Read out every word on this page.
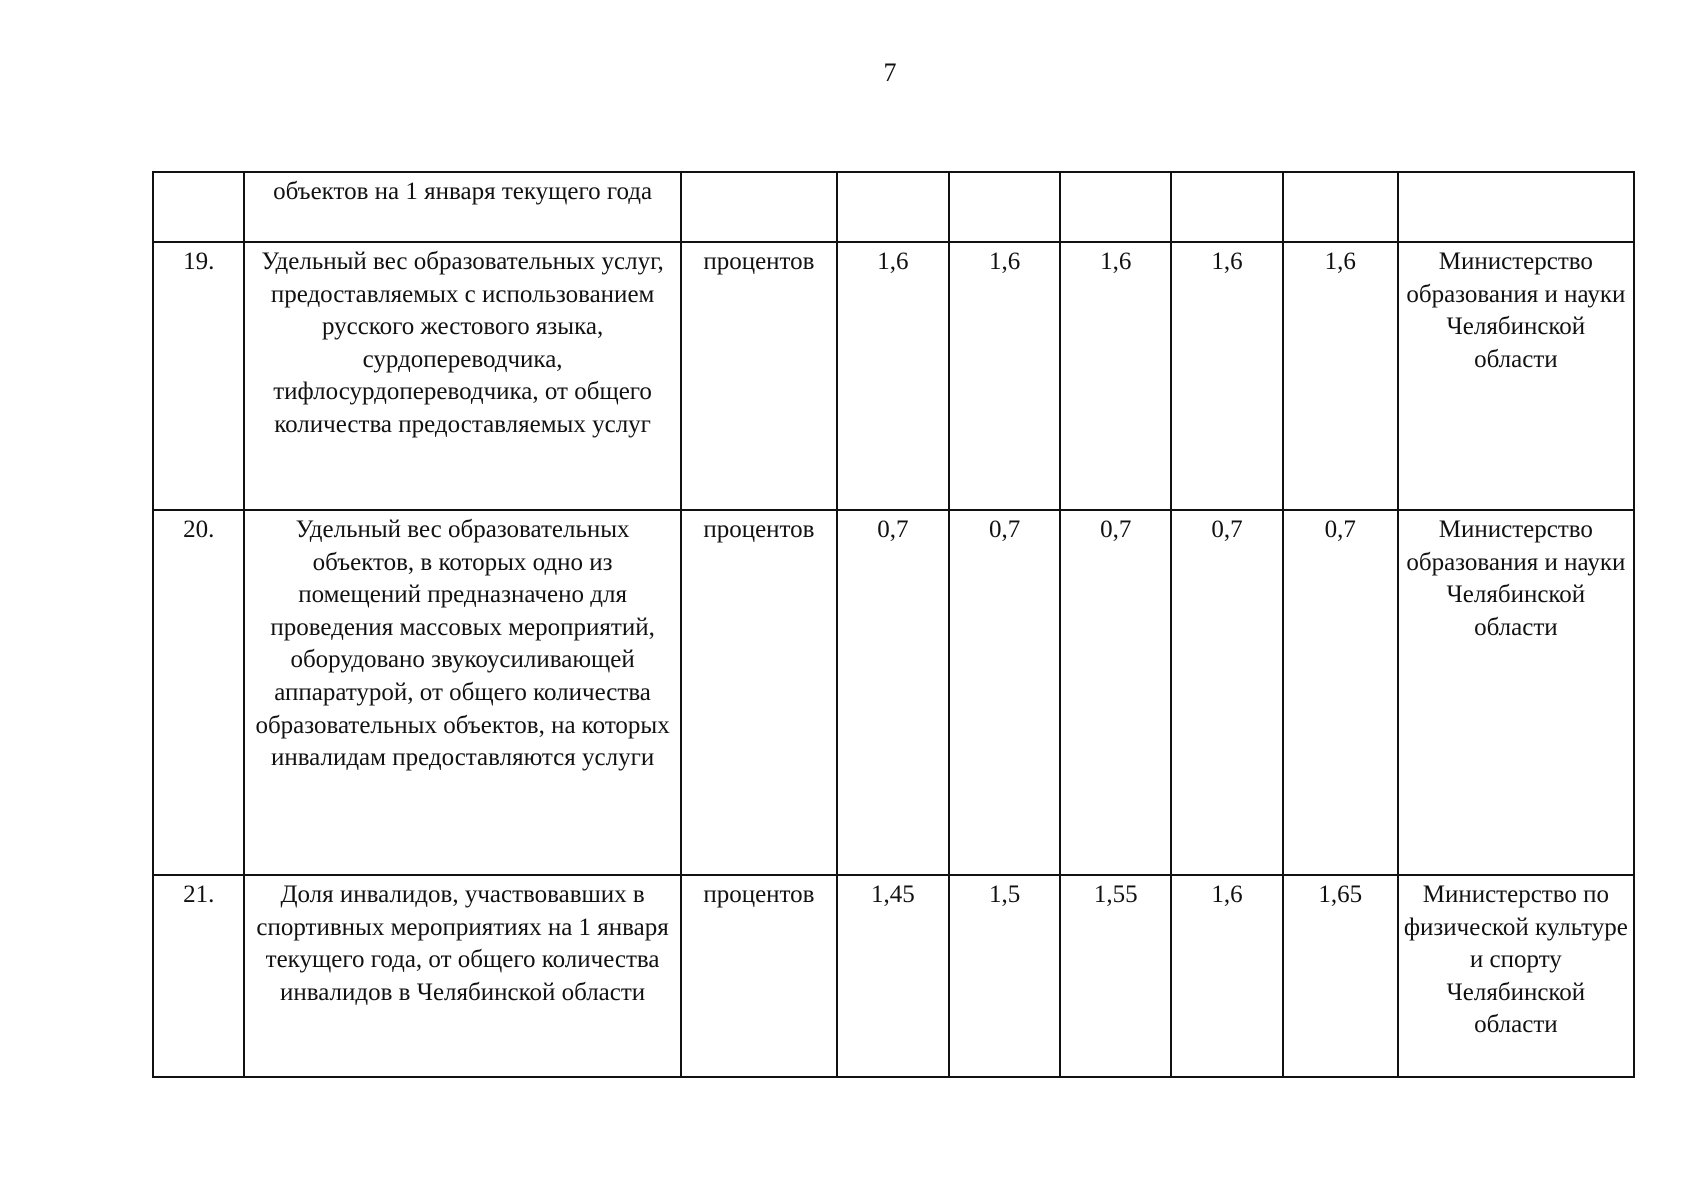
7
	объектов на 1 января текущего года							
19.	Удельный вес образовательных услуг, предоставляемых с использованием русского жестового языка, сурдопереводчика, тифлосурдопереводчика, от общего количества предоставляемых услуг	процентов	1,6	1,6	1,6	1,6	1,6	Министерство образования и науки Челябинской области
20.	Удельный вес образовательных объектов, в которых одно из помещений предназначено для проведения массовых мероприятий, оборудовано звукоусиливающей аппаратурой, от общего количества образовательных объектов, на которых инвалидам предоставляются услуги	процентов	0,7	0,7	0,7	0,7	0,7	Министерство образования и науки Челябинской области
21.	Доля инвалидов, участвовавших в спортивных мероприятиях на 1 января текущего года, от общего количества инвалидов в Челябинской области	процентов	1,45	1,5	1,55	1,6	1,65	Министерство по физической культуре и спорту Челябинской области
